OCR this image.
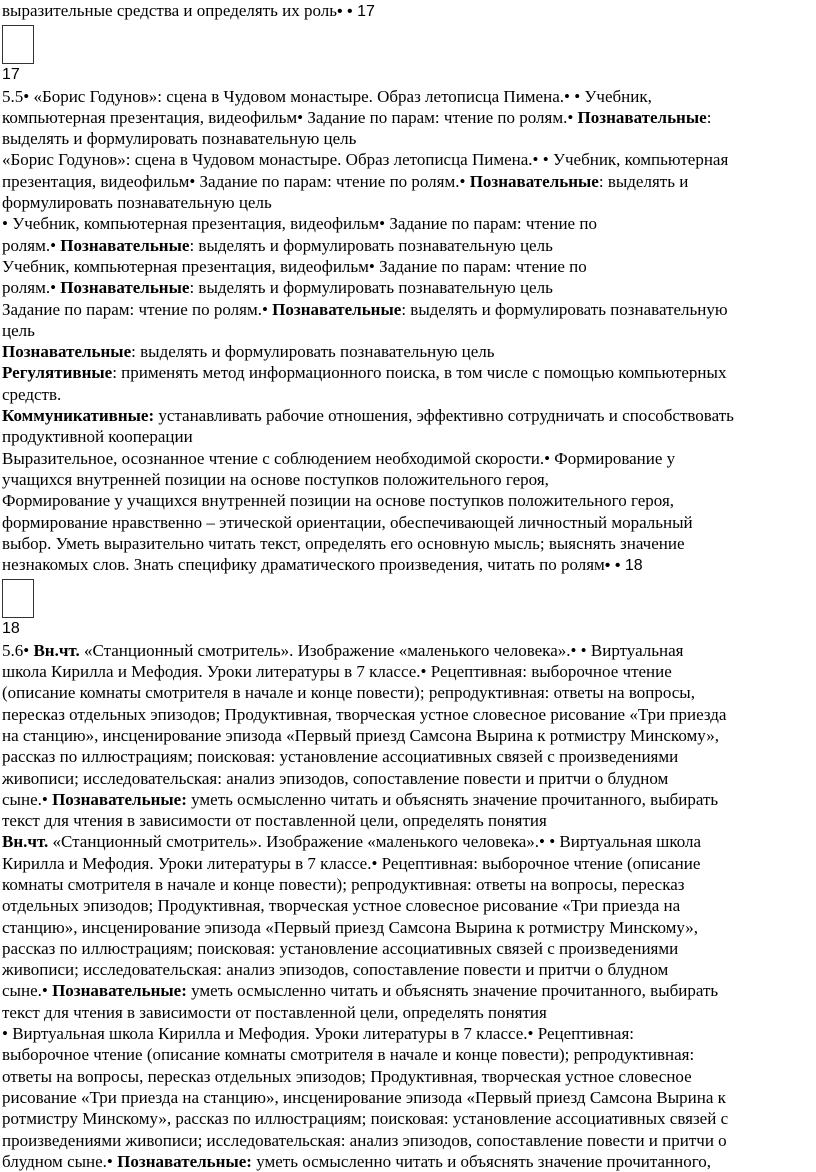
выразительные средства и определять их роль• • 17
17
5.5• «Борис Годунов»: сцена в Чудовом монастыре. Образ летописца Пимена.• • Учебник,
компьютерная презентация, видеофильм• Задание по парам: чтение по ролям.• Познавательные:
выделять и формулировать познавательную цель
«Борис Годунов»: сцена в Чудовом монастыре. Образ летописца Пимена.• • Учебник, компьютерная
презентация, видеофильм• Задание по парам: чтение по ролям.• Познавательные: выделять и
формулировать познавательную цель
• Учебник, компьютерная презентация, видеофильм• Задание по парам: чтение по
ролям.• Познавательные: выделять и формулировать познавательную цель
Учебник, компьютерная презентация, видеофильм• Задание по парам: чтение по
ролям.• Познавательные: выделять и формулировать познавательную цель
Задание по парам: чтение по ролям.• Познавательные: выделять и формулировать познавательную
цель
Познавательные: выделять и формулировать познавательную цель
Регулятивные: применять метод информационного поиска, в том числе с помощью компьютерных
средств.
Коммуникативные: устанавливать рабочие отношения, эффективно сотрудничать и способствовать
продуктивной кооперации
Выразительное, осознанное чтение с соблюдением необходимой скорости.• Формирование у
учащихся внутренней позиции на основе поступков положительного героя,
Формирование у учащихся внутренней позиции на основе поступков положительного героя,
формирование нравственно – этической ориентации, обеспечивающей личностный моральный
выбор. Уметь выразительно читать текст, определять его основную мысль; выяснять значение
незнакомых слов. Знать специфику драматического произведения, читать по ролям• • 18
18
5.6• Вн.чт. «Станционный смотритель». Изображение «маленького человека».• • Виртуальная
школа Кирилла и Мефодия. Уроки литературы в 7 классе.• Рецептивная: выборочное чтение
(описание комнаты смотрителя в начале и конце повести); репродуктивная: ответы на вопросы,
пересказ отдельных эпизодов; Продуктивная, творческая устное словесное рисование «Три приезда
на станцию», инсценирование эпизода «Первый приезд Самсона Вырина к ротмистру Минскому»,
рассказ по иллюстрациям; поисковая: установление ассоциативных связей с произведениями
живописи; исследовательская: анализ эпизодов, сопоставление повести и притчи о блудном
сыне.• Познавательные: уметь осмысленно читать и объяснять значение прочитанного, выбирать
текст для чтения в зависимости от поставленной цели, определять понятия
Вн.чт. «Станционный смотритель». Изображение «маленького человека».• • Виртуальная школа
Кирилла и Мефодия. Уроки литературы в 7 классе.• Рецептивная: выборочное чтение (описание
комнаты смотрителя в начале и конце повести); репродуктивная: ответы на вопросы, пересказ
отдельных эпизодов; Продуктивная, творческая устное словесное рисование «Три приезда на
станцию», инсценирование эпизода «Первый приезд Самсона Вырина к ротмистру Минскому»,
рассказ по иллюстрациям; поисковая: установление ассоциативных связей с произведениями
живописи; исследовательская: анализ эпизодов, сопоставление повести и притчи о блудном
сыне.• Познавательные: уметь осмысленно читать и объяснять значение прочитанного, выбирать
текст для чтения в зависимости от поставленной цели, определять понятия
• Виртуальная школа Кирилла и Мефодия. Уроки литературы в 7 классе.• Рецептивная:
выборочное чтение (описание комнаты смотрителя в начале и конце повести); репродуктивная:
ответы на вопросы, пересказ отдельных эпизодов; Продуктивная, творческая устное словесное
рисование «Три приезда на станцию», инсценирование эпизода «Первый приезд Самсона Вырина к
ротмистру Минскому», рассказ по иллюстрациям; поисковая: установление ассоциативных связей с
произведениями живописи; исследовательская: анализ эпизодов, сопоставление повести и притчи о
блудном сыне.• Познавательные: уметь осмысленно читать и объяснять значение прочитанного,
